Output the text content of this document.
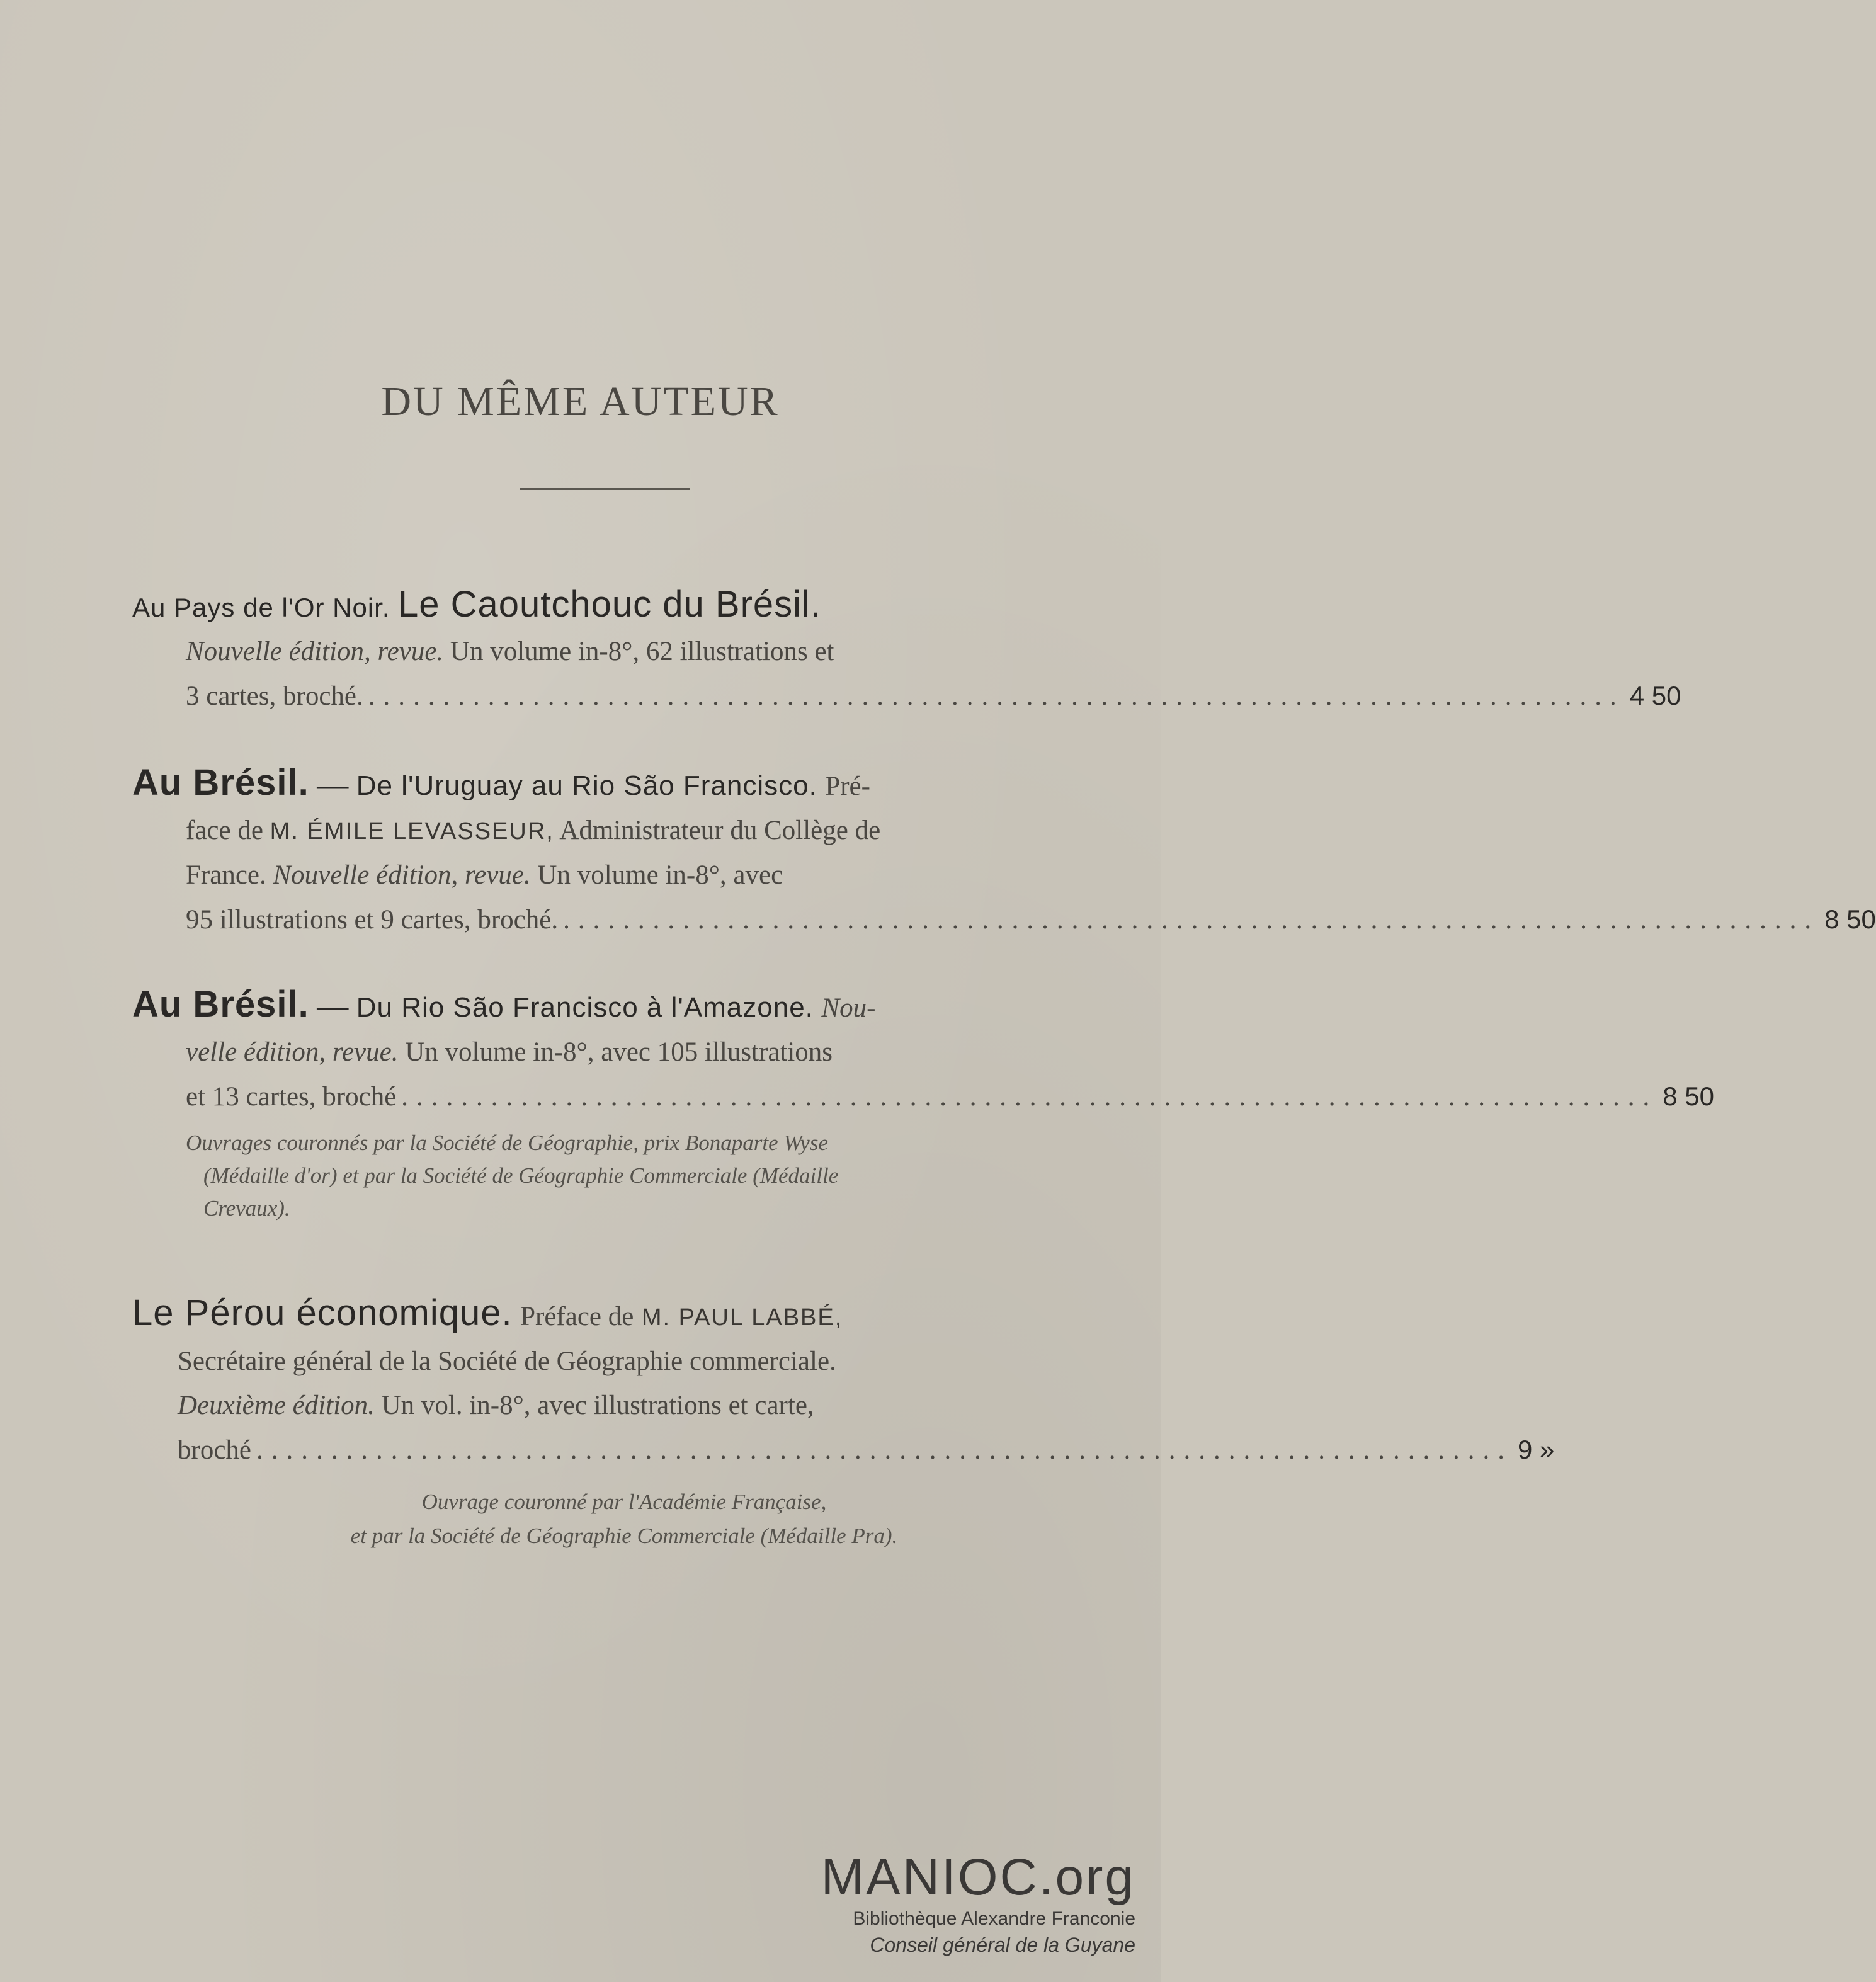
DU MÊME AUTEUR
Au Pays de l'Or Noir. Le Caoutchouc du Brésil.
Nouvelle édition, revue. Un volume in-8°, 62 illustrations et
3 cartes, broché. .................................................................................... 4 50
Au Brésil. — De l'Uruguay au Rio São Francisco. Pré-
face de M. ÉMILE LEVASSEUR, Administrateur du Collège de
France. Nouvelle édition, revue. Un volume in-8°, avec
95 illustrations et 9 cartes, broché. .................................................................................... 8 50
Au Brésil. — Du Rio São Francisco à l'Amazone. Nou-
velle édition, revue. Un volume in-8°, avec 105 illustrations
et 13 cartes, broché .................................................................................... 8 50
Ouvrages couronnés par la Société de Géographie, prix Bonaparte Wyse
(Médaille d'or) et par la Société de Géographie Commerciale (Médaille
Crevaux).
Le Pérou économique. Préface de M. PAUL LABBÉ,
Secrétaire général de la Société de Géographie commerciale.
Deuxième édition. Un vol. in-8°, avec illustrations et carte,
broché .................................................................................... 9 »
Ouvrage couronné par l'Académie Française,
et par la Société de Géographie Commerciale (Médaille Pra).
MANIOC.org
Bibliothèque Alexandre Franconie
Conseil général de la Guyane
